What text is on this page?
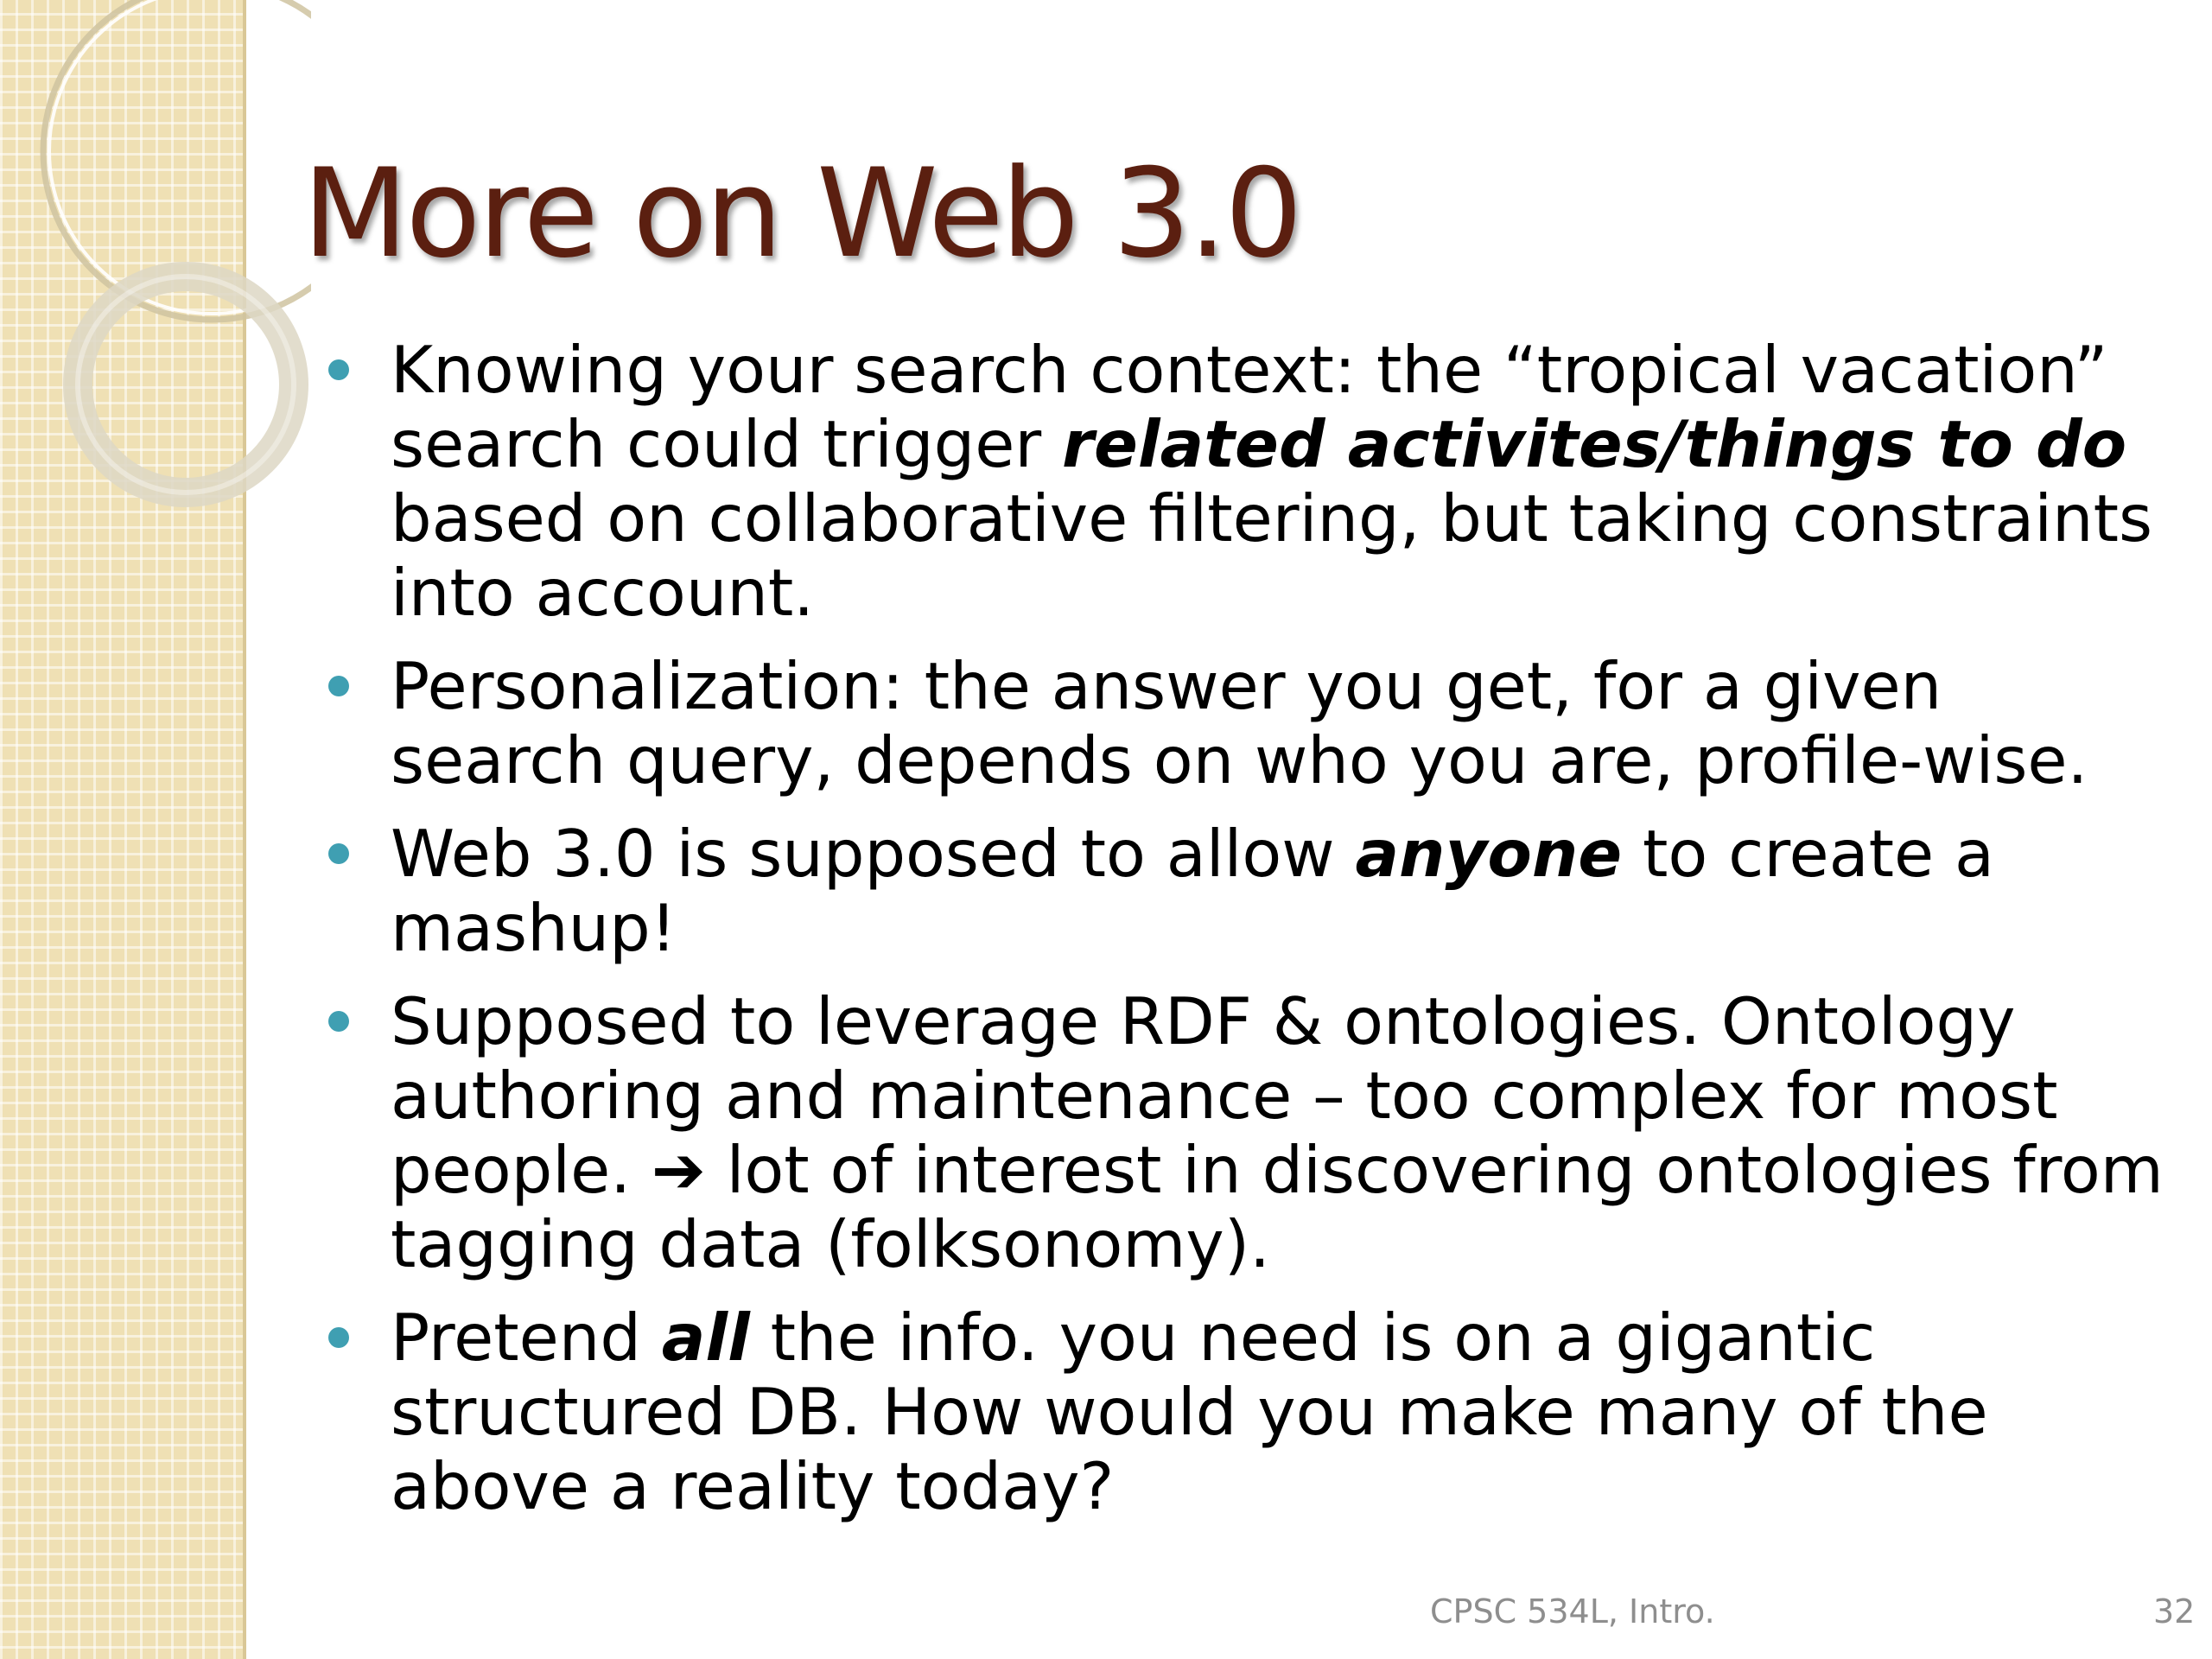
More on Web 3.0
Knowing your search context: the “tropical vacation” search could trigger related activites/things to do based on collaborative filtering, but taking constraints into account.
Personalization: the answer you get, for a given search query, depends on who you are, profile-wise.
Web 3.0 is supposed to allow anyone to create a mashup!
Supposed to leverage RDF & ontologies. Ontology authoring and maintenance – too complex for most people. ➔ lot of interest in discovering ontologies from tagging data (folksonomy).
Pretend all the info. you need is on a gigantic structured DB. How would you make many of the above a reality today?
CPSC 534L, Intro.	32
